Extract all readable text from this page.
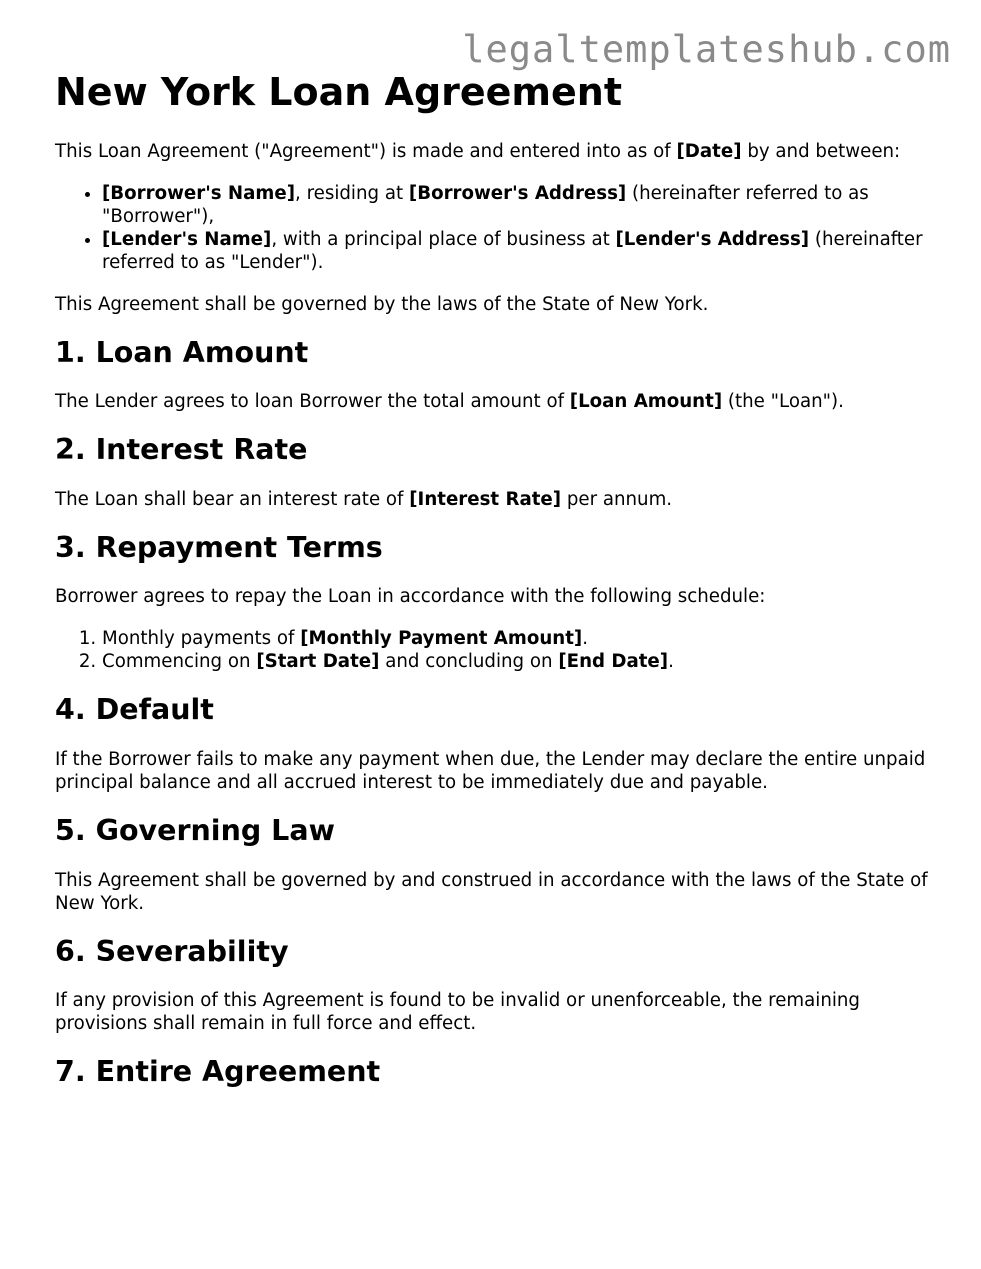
legaltemplateshub.com
New York Loan Agreement

This Loan Agreement ("Agreement") is made and entered into as of [Date] by and between:

• [Borrower's Name], residing at [Borrower's Address] (hereinafter referred to as "Borrower"),
• [Lender's Name], with a principal place of business at [Lender's Address] (hereinafter referred to as "Lender").

This Agreement shall be governed by the laws of the State of New York.

1. Loan Amount

The Lender agrees to loan Borrower the total amount of [Loan Amount] (the "Loan").

2. Interest Rate

The Loan shall bear an interest rate of [Interest Rate] per annum.

3. Repayment Terms

Borrower agrees to repay the Loan in accordance with the following schedule:

1. Monthly payments of [Monthly Payment Amount].
2. Commencing on [Start Date] and concluding on [End Date].
4. Default

If the Borrower fails to make any payment when due, the Lender may declare the entire unpaid principal balance and all accrued interest to be immediately due and payable.

5. Governing Law

This Agreement shall be governed by and construed in accordance with the laws of the State of New York.

6. Severability

If any provision of this Agreement is found to be invalid or unenforceable, the remaining provisions shall remain in full force and effect.

7. Entire Agreement
